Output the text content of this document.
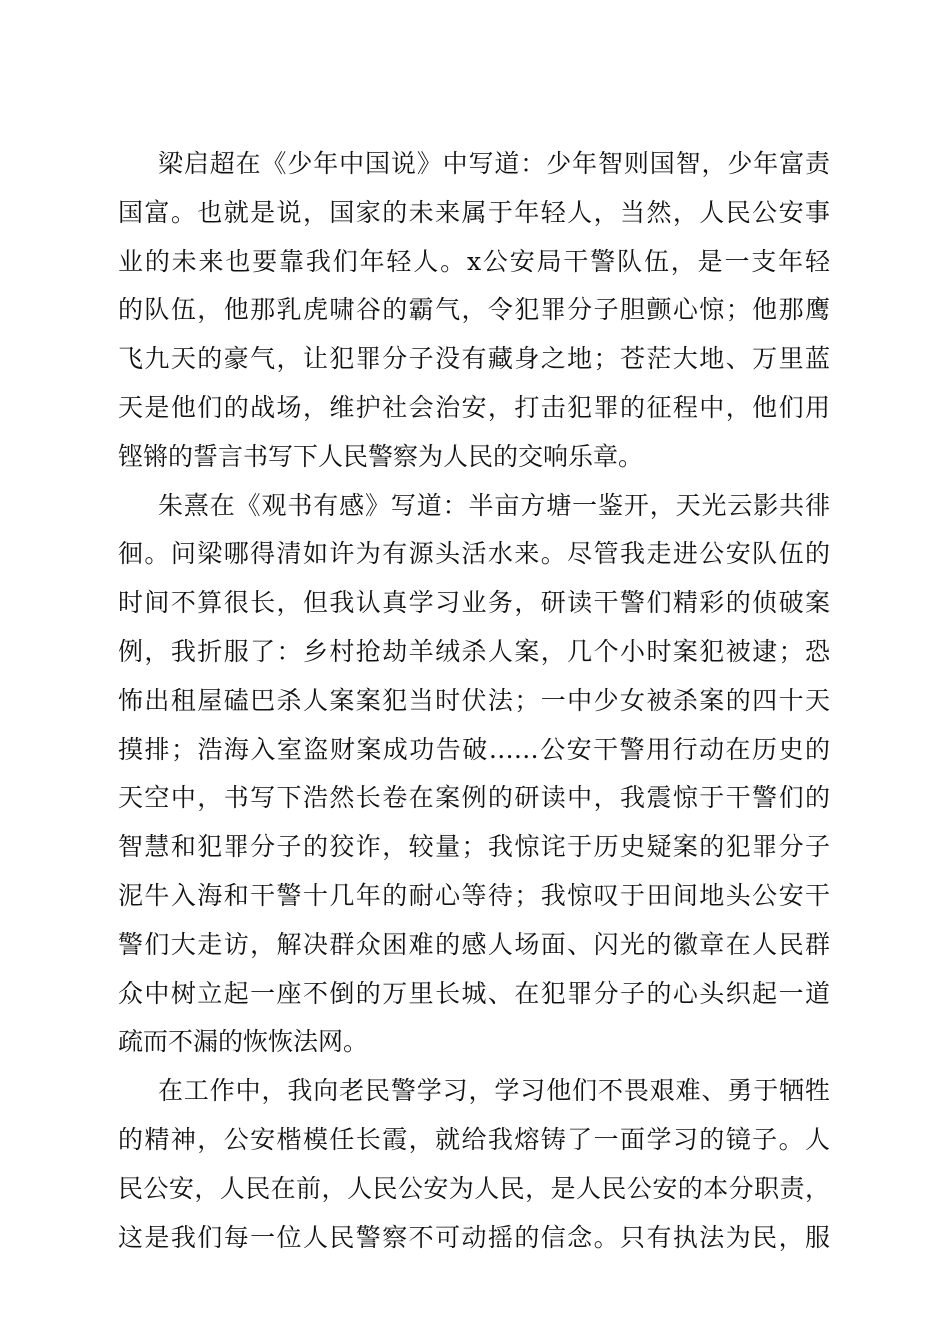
梁启超在《少年中国说》中写道：少年智则国智，少年富责
国富。也就是说，国家的未来属于年轻人，当然，人民公安事
业的未来也要靠我们年轻人。x公安局干警队伍，是一支年轻
的队伍，他那乳虎啸谷的霸气，令犯罪分子胆颤心惊；他那鹰
飞九天的豪气，让犯罪分子没有藏身之地；苍茫大地、万里蓝
天是他们的战场，维护社会治安，打击犯罪的征程中，他们用
铿锵的誓言书写下人民警察为人民的交响乐章。
朱熹在《观书有感》写道：半亩方塘一鉴开，天光云影共徘
徊。问梁哪得清如许为有源头活水来。尽管我走进公安队伍的
时间不算很长，但我认真学习业务，研读干警们精彩的侦破案
例，我折服了：乡村抢劫羊绒杀人案，几个小时案犯被逮；恐
怖出租屋磕巴杀人案案犯当时伏法；一中少女被杀案的四十天
摸排；浩海入室盗财案成功告破……公安干警用行动在历史的
天空中，书写下浩然长卷在案例的研读中，我震惊于干警们的
智慧和犯罪分子的狡诈，较量；我惊诧于历史疑案的犯罪分子
泥牛入海和干警十几年的耐心等待；我惊叹于田间地头公安干
警们大走访，解决群众困难的感人场面、闪光的徽章在人民群
众中树立起一座不倒的万里长城、在犯罪分子的心头织起一道
疏而不漏的恢恢法网。
在工作中，我向老民警学习，学习他们不畏艰难、勇于牺牲
的精神，公安楷模任长霞，就给我熔铸了一面学习的镜子。人
民公安，人民在前，人民公安为人民，是人民公安的本分职责，
这是我们每一位人民警察不可动摇的信念。只有执法为民，服
